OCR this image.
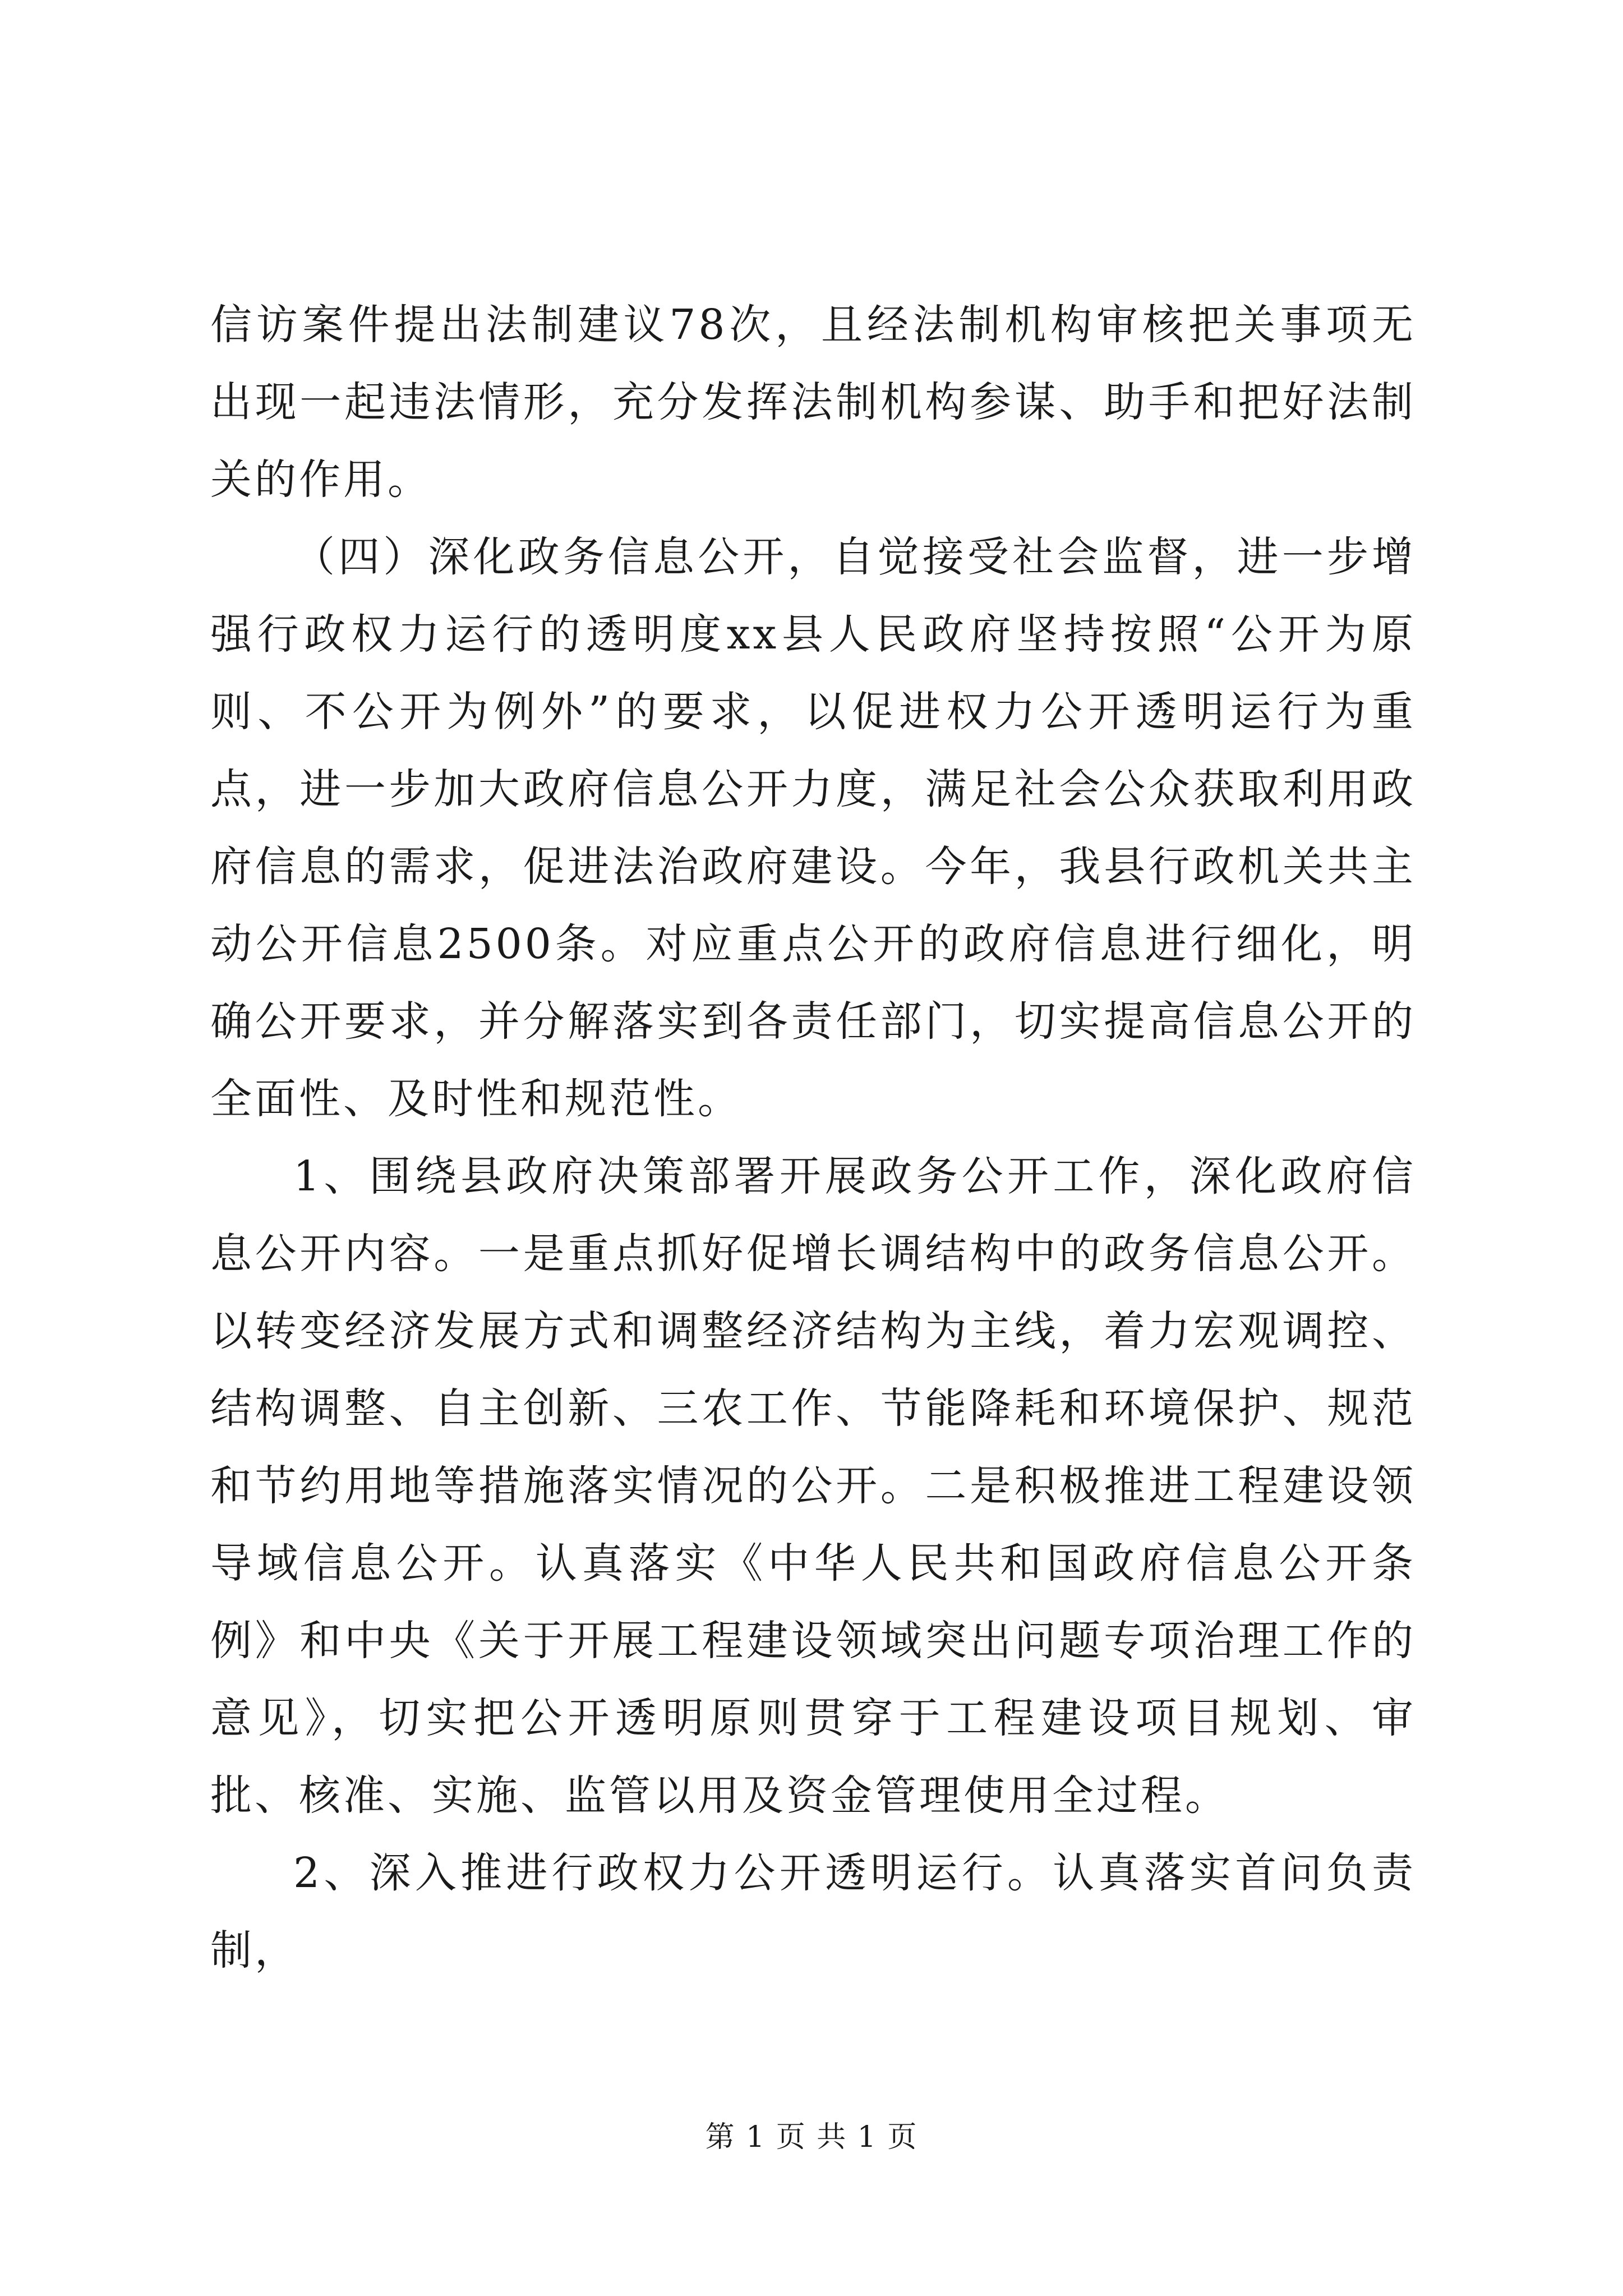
信访案件提出法制建议78次，且经法制机构审核把关事项无出现一起违法情形，充分发挥法制机构参谋、助手和把好法制关的作用。

（四）深化政务信息公开，自觉接受社会监督，进一步增强行政权力运行的透明度xx县人民政府坚持按照“公开为原则、不公开为例外”的要求，以促进权力公开透明运行为重点，进一步加大政府信息公开力度，满足社会公众获取利用政府信息的需求，促进法治政府建设。今年，我县行政机关共主动公开信息2500条。对应重点公开的政府信息进行细化，明确公开要求，并分解落实到各责任部门，切实提高信息公开的全面性、及时性和规范性。

1、围绕县政府决策部署开展政务公开工作，深化政府信息公开内容。一是重点抓好促增长调结构中的政务信息公开。以转变经济发展方式和调整经济结构为主线，着力宏观调控、结构调整、自主创新、三农工作、节能降耗和环境保护、规范和节约用地等措施落实情况的公开。二是积极推进工程建设领导域信息公开。认真落实《中华人民共和国政府信息公开条例》和中央《关于开展工程建设领域突出问题专项治理工作的意见》，切实把公开透明原则贯穿于工程建设项目规划、审批、核准、实施、监管以用及资金管理使用全过程。

2、深入推进行政权力公开透明运行。认真落实首问负责制，

第 1 页 共 1 页
